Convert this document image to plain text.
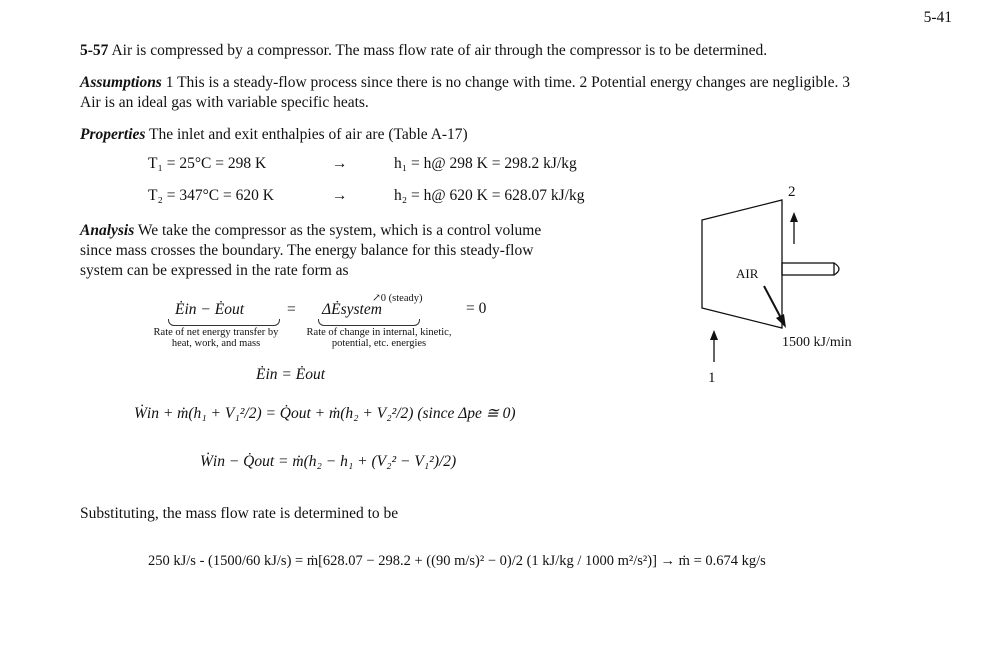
5-41
5-57 Air is compressed by a compressor. The mass flow rate of air through the compressor is to be determined.
Assumptions 1 This is a steady-flow process since there is no change with time. 2 Potential energy changes are negligible. 3
Air is an ideal gas with variable specific heats.
Properties The inlet and exit enthalpies of air are (Table A-17)
T₁ = 25°C = 298 K	→	h₁ = h@ 298 K = 298.2 kJ/kg
T₂ = 347°C = 620 K	→	h₂ = h@ 620 K = 628.07 kJ/kg
Analysis We take the compressor as the system, which is a control volume
since mass crosses the boundary. The energy balance for this steady-flow
system can be expressed in the rate form as
Ėin − Ėout	= ΔĖsystem
↗0 (steady)
= 0
Rate of net energy transfer by heat, work, and mass
Rate of change in internal, kinetic, potential, etc. energies
Ėin = Ėout
Ẇin + ṁ(h₁ + V₁²/2) = Q̇out + ṁ(h₂ + V₂²/2) (since Δpe ≅ 0)
Ẇin − Q̇out = ṁ(h₂ − h₁ + (V₂² − V₁²)/2)
Substituting, the mass flow rate is determined to be
250 kJ/s - (1500/60 kJ/s) = ṁ[628.07 − 298.2 + ((90 m/s)² − 0)/2 (1 kJ/kg / 1000 m²/s²)] → ṁ = 0.674 kg/s
AIR
2
1
1500 kJ/min
